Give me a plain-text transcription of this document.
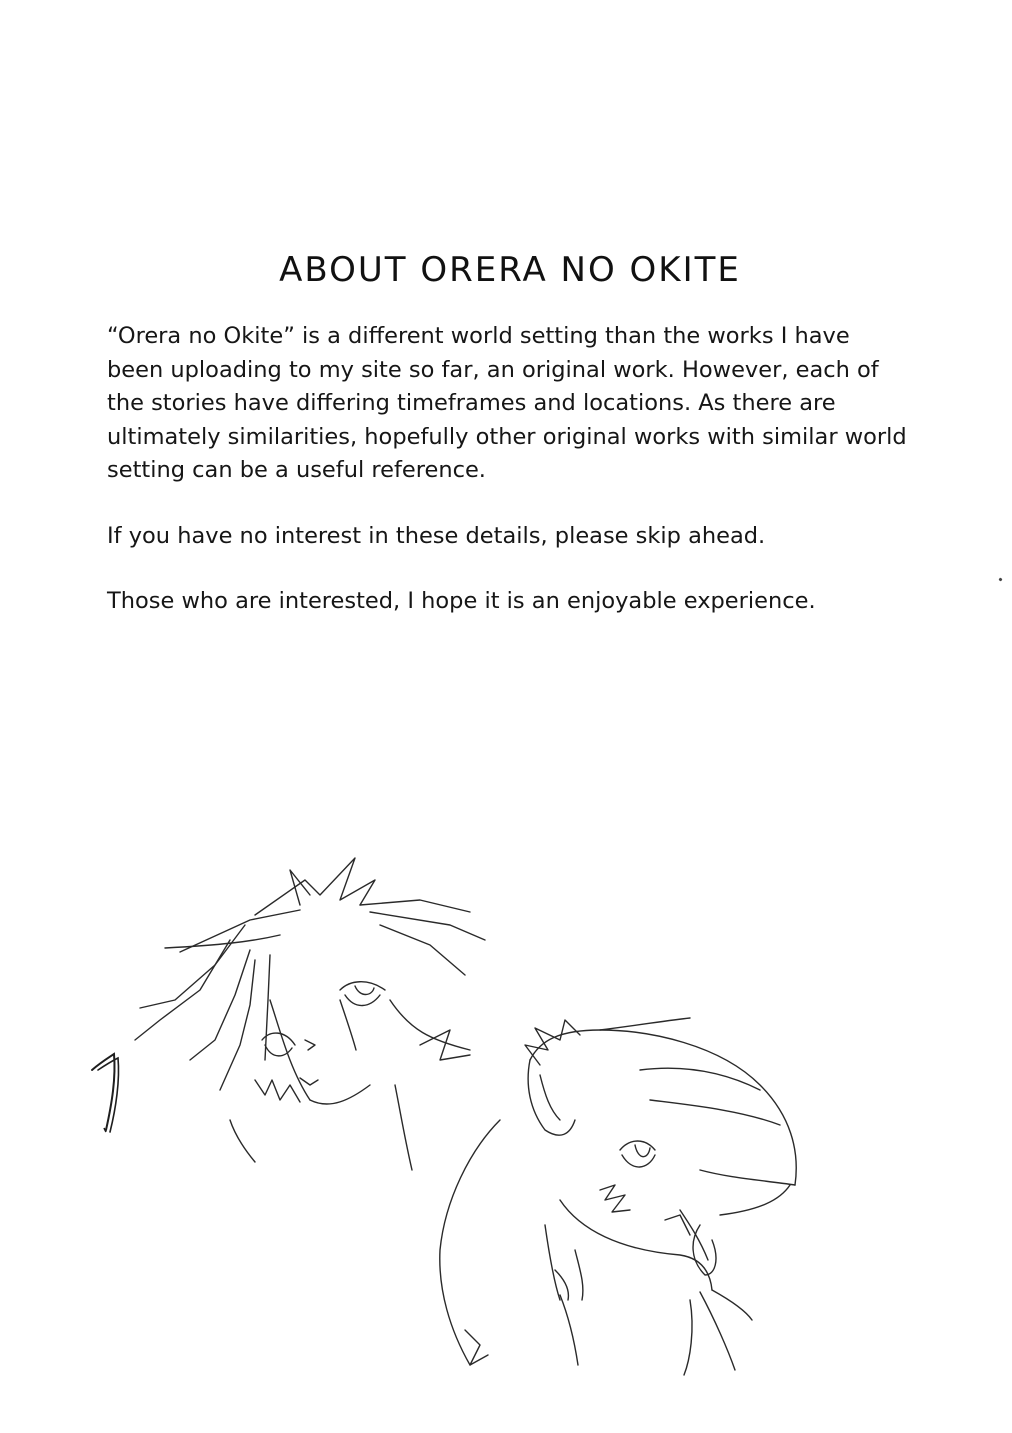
ABOUT ORERA NO OKITE

“Orera no Okite” is a different world setting than the works I have been uploading to my site so far, an original work. However, each of the stories have differing timeframes and locations. As there are ultimately similarities, hopefully other original works with similar world setting can be a useful reference.

If you have no interest in these details, please skip ahead.

Those who are interested, I hope it is an enjoyable experience.
